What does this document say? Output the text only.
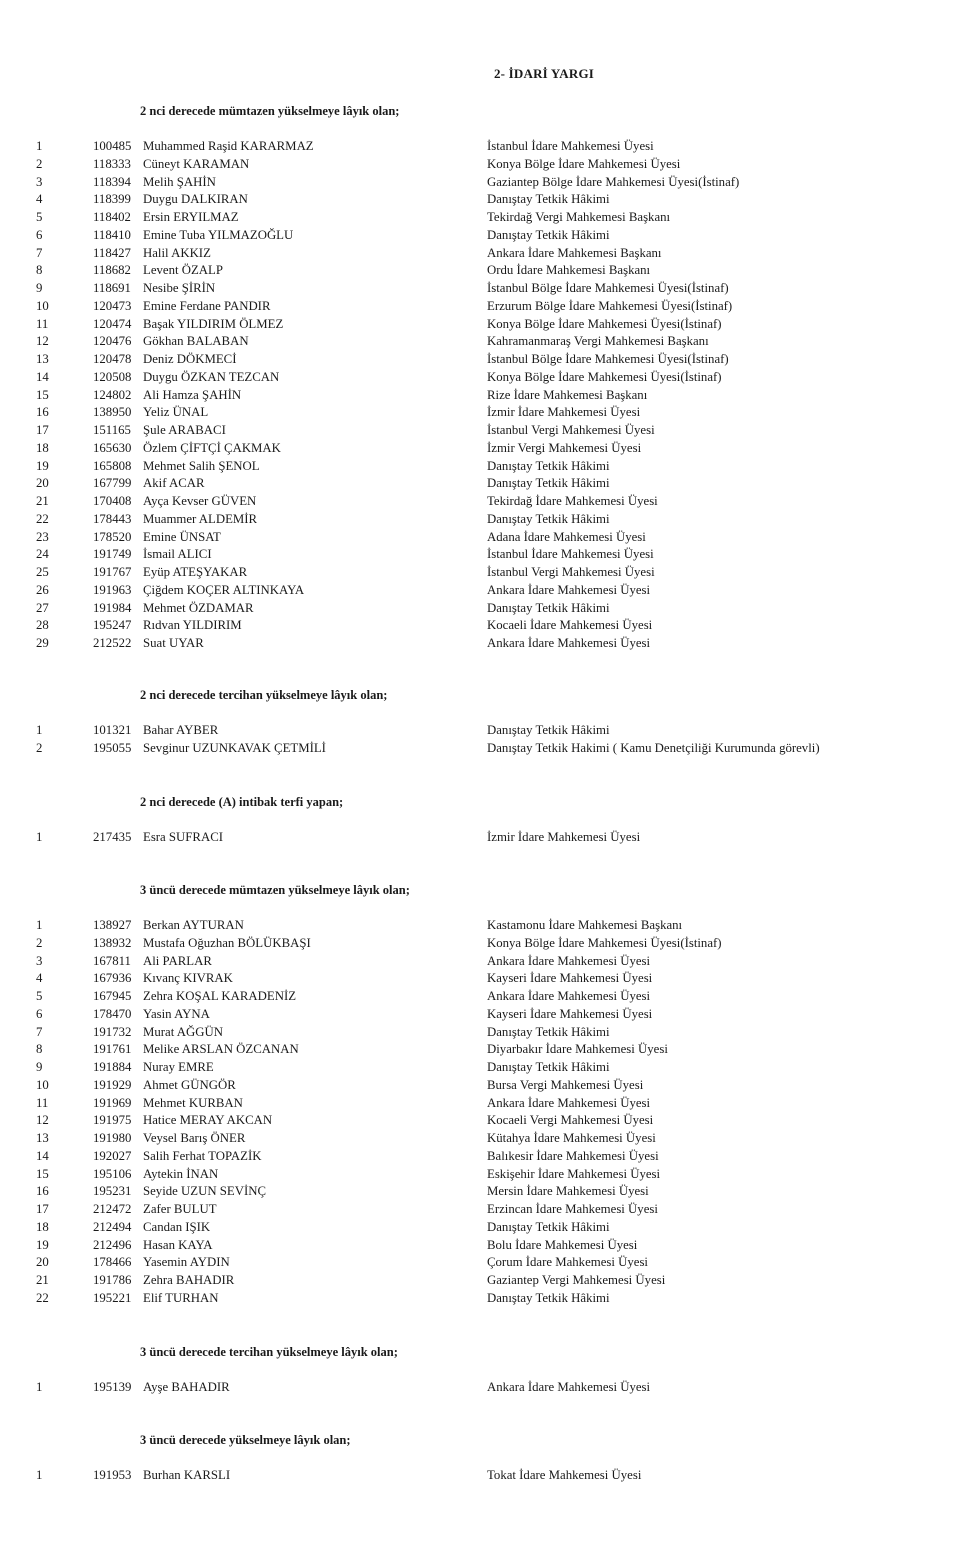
2- İDARİ YARGI
2 nci derecede mümtazen yükselmeye lâyık olan;
1	100485 Muhammed Raşid KARARMAZ	İstanbul İdare Mahkemesi Üyesi
2	118333 Cüneyt KARAMAN	Konya Bölge İdare Mahkemesi Üyesi
3	118394 Melih ŞAHİN	Gaziantep Bölge İdare Mahkemesi Üyesi(İstinaf)
4	118399 Duygu DALKIRAN	Danıştay Tetkik Hâkimi
5	118402 Ersin ERYILMAZ	Tekirdağ Vergi Mahkemesi Başkanı
6	118410 Emine Tuba YILMAZOĞLU	Danıştay Tetkik Hâkimi
7	118427 Halil AKKIZ	Ankara İdare Mahkemesi Başkanı
8	118682 Levent ÖZALP	Ordu İdare Mahkemesi Başkanı
9	118691 Nesibe ŞİRİN	İstanbul Bölge İdare Mahkemesi Üyesi(İstinaf)
10	120473 Emine Ferdane PANDIR	Erzurum Bölge İdare Mahkemesi Üyesi(İstinaf)
11	120474 Başak YILDIRIM ÖLMEZ	Konya Bölge İdare Mahkemesi Üyesi(İstinaf)
12	120476 Gökhan BALABAN	Kahramanmaraş Vergi Mahkemesi Başkanı
13	120478 Deniz DÖKMECİ	İstanbul Bölge İdare Mahkemesi Üyesi(İstinaf)
14	120508 Duygu ÖZKAN TEZCAN	Konya Bölge İdare Mahkemesi Üyesi(İstinaf)
15	124802 Ali Hamza ŞAHİN	Rize İdare Mahkemesi Başkanı
16	138950 Yeliz ÜNAL	İzmir İdare Mahkemesi Üyesi
17	151165 Şule ARABACI	İstanbul Vergi Mahkemesi Üyesi
18	165630 Özlem ÇİFTÇİ ÇAKMAK	İzmir Vergi Mahkemesi Üyesi
19	165808 Mehmet Salih ŞENOL	Danıştay Tetkik Hâkimi
20	167799 Akif ACAR	Danıştay Tetkik Hâkimi
21	170408 Ayça Kevser GÜVEN	Tekirdağ İdare Mahkemesi Üyesi
22	178443 Muammer ALDEMİR	Danıştay Tetkik Hâkimi
23	178520 Emine ÜNSAT	Adana İdare Mahkemesi Üyesi
24	191749 İsmail ALICI	İstanbul İdare Mahkemesi Üyesi
25	191767 Eyüp ATEŞYAKAR	İstanbul Vergi Mahkemesi Üyesi
26	191963 Çiğdem KOÇER ALTINKAYA	Ankara İdare Mahkemesi Üyesi
27	191984 Mehmet ÖZDAMAR	Danıştay Tetkik Hâkimi
28	195247 Rıdvan YILDIRIM	Kocaeli İdare Mahkemesi Üyesi
29	212522 Suat UYAR	Ankara İdare Mahkemesi Üyesi
2 nci derecede tercihan yükselmeye lâyık olan;
1	101321 Bahar AYBER	Danıştay Tetkik Hâkimi
2	195055 Sevginur UZUNKAVAK ÇETMİLİ	Danıştay Tetkik Hakimi ( Kamu Denetçiliği Kurumunda görevli)
2 nci derecede (A) intibak terfi yapan;
1	217435 Esra SUFRACI	İzmir İdare Mahkemesi Üyesi
3 üncü derecede mümtazen yükselmeye lâyık olan;
1	138927 Berkan AYTURAN	Kastamonu İdare Mahkemesi Başkanı
2	138932 Mustafa Oğuzhan BÖLÜKBAŞI	Konya Bölge İdare Mahkemesi Üyesi(İstinaf)
3	167811 Ali PARLAR	Ankara İdare Mahkemesi Üyesi
4	167936 Kıvanç KIVRAK	Kayseri İdare Mahkemesi Üyesi
5	167945 Zehra KOŞAL KARADENİZ	Ankara İdare Mahkemesi Üyesi
6	178470 Yasin AYNA	Kayseri İdare Mahkemesi Üyesi
7	191732 Murat AĞGÜN	Danıştay Tetkik Hâkimi
8	191761 Melike ARSLAN ÖZCANAN	Diyarbakır İdare Mahkemesi Üyesi
9	191884 Nuray EMRE	Danıştay Tetkik Hâkimi
10	191929 Ahmet GÜNGÖR	Bursa Vergi Mahkemesi Üyesi
11	191969 Mehmet KURBAN	Ankara İdare Mahkemesi Üyesi
12	191975 Hatice MERAY AKCAN	Kocaeli Vergi Mahkemesi Üyesi
13	191980 Veysel Barış ÖNER	Kütahya İdare Mahkemesi Üyesi
14	192027 Salih Ferhat TOPAZİK	Balıkesir İdare Mahkemesi Üyesi
15	195106 Aytekin İNAN	Eskişehir İdare Mahkemesi Üyesi
16	195231 Seyide UZUN SEVİNÇ	Mersin İdare Mahkemesi Üyesi
17	212472 Zafer BULUT	Erzincan İdare Mahkemesi Üyesi
18	212494 Candan IŞIK	Danıştay Tetkik Hâkimi
19	212496 Hasan KAYA	Bolu İdare Mahkemesi Üyesi
20	178466 Yasemin AYDIN	Çorum İdare Mahkemesi Üyesi
21	191786 Zehra BAHADIR	Gaziantep Vergi Mahkemesi Üyesi
22	195221 Elif TURHAN	Danıştay Tetkik Hâkimi
3 üncü derecede tercihan yükselmeye lâyık olan;
1	195139 Ayşe BAHADIR	Ankara İdare Mahkemesi Üyesi
3 üncü derecede yükselmeye lâyık olan;
1	191953 Burhan KARSLI	Tokat İdare Mahkemesi Üyesi
